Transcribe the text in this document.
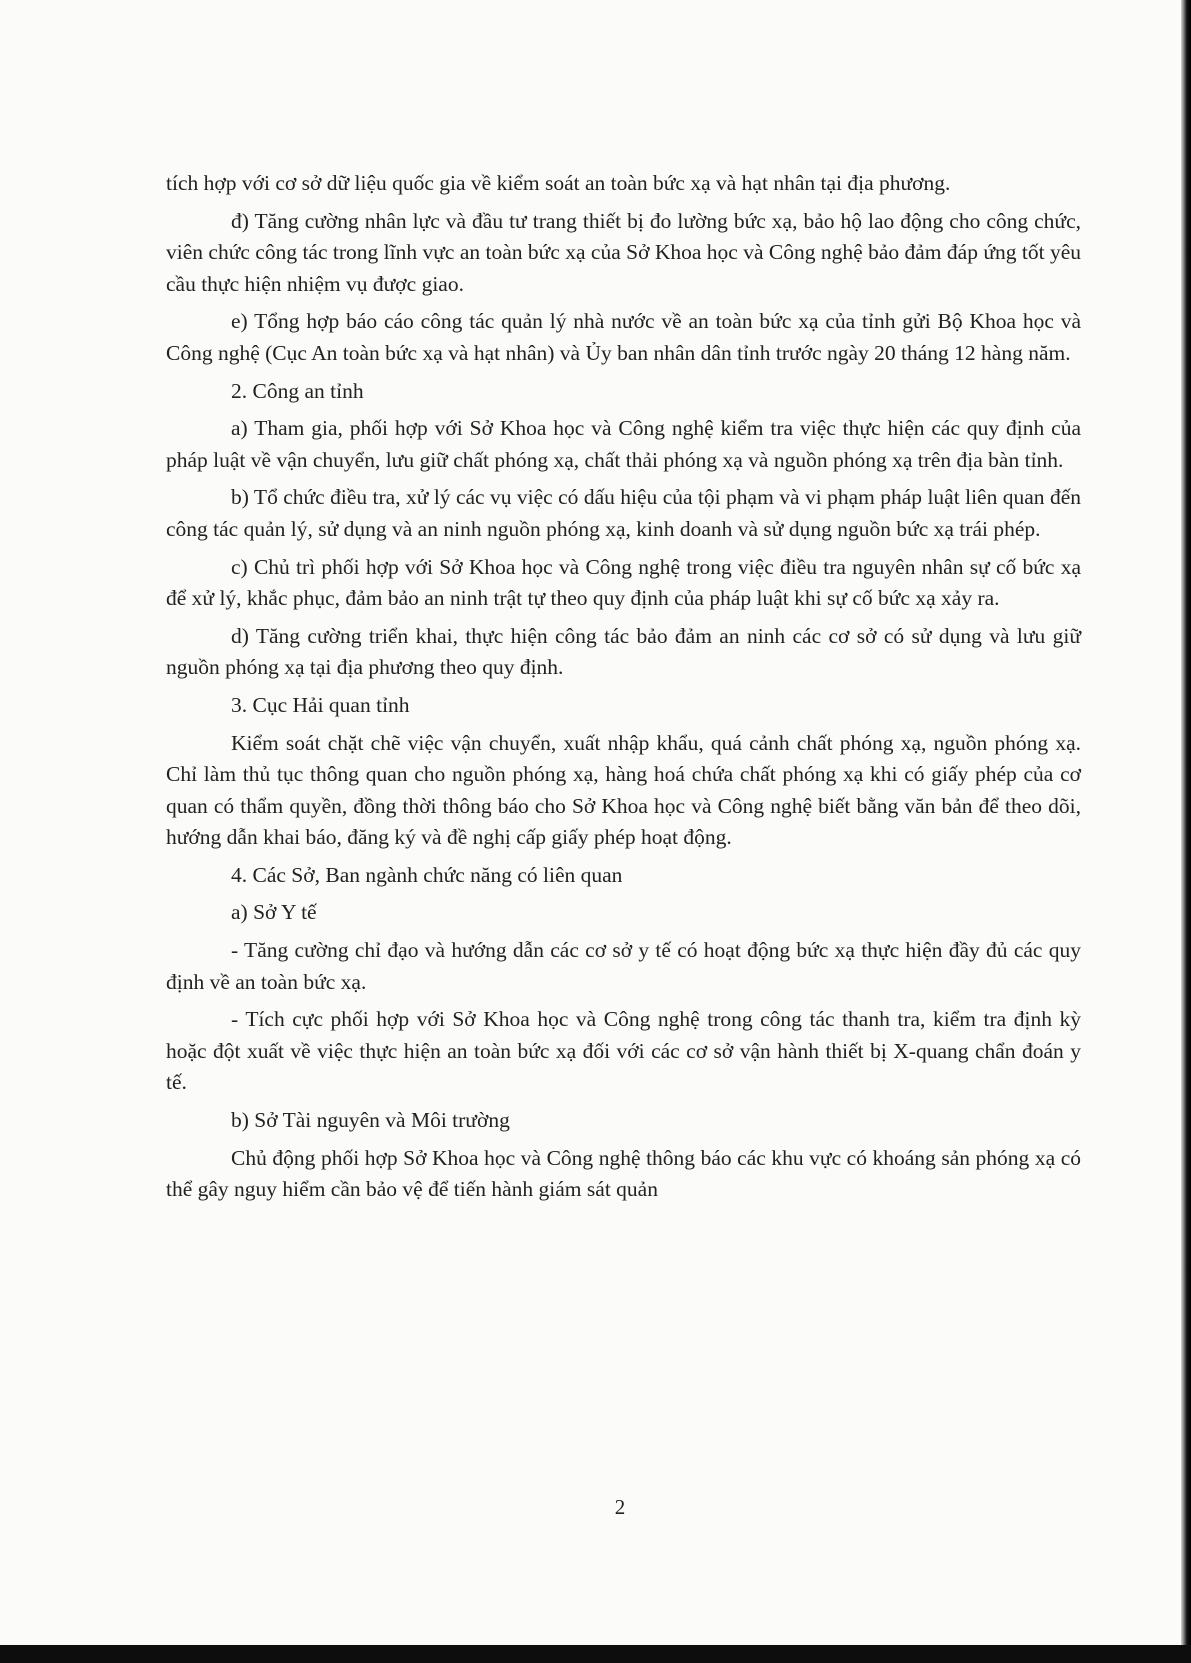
tích hợp với cơ sở dữ liệu quốc gia về kiểm soát an toàn bức xạ và hạt nhân tại địa phương.

đ) Tăng cường nhân lực và đầu tư trang thiết bị đo lường bức xạ, bảo hộ lao động cho công chức, viên chức công tác trong lĩnh vực an toàn bức xạ của Sở Khoa học và Công nghệ bảo đảm đáp ứng tốt yêu cầu thực hiện nhiệm vụ được giao.

e) Tổng hợp báo cáo công tác quản lý nhà nước về an toàn bức xạ của tỉnh gửi Bộ Khoa học và Công nghệ (Cục An toàn bức xạ và hạt nhân) và Ủy ban nhân dân tỉnh trước ngày 20 tháng 12 hàng năm.

2. Công an tỉnh

a) Tham gia, phối hợp với Sở Khoa học và Công nghệ kiểm tra việc thực hiện các quy định của pháp luật về vận chuyển, lưu giữ chất phóng xạ, chất thải phóng xạ và nguồn phóng xạ trên địa bàn tỉnh.

b) Tổ chức điều tra, xử lý các vụ việc có dấu hiệu của tội phạm và vi phạm pháp luật liên quan đến công tác quản lý, sử dụng và an ninh nguồn phóng xạ, kinh doanh và sử dụng nguồn bức xạ trái phép.

c) Chủ trì phối hợp với Sở Khoa học và Công nghệ trong việc điều tra nguyên nhân sự cố bức xạ để xử lý, khắc phục, đảm bảo an ninh trật tự theo quy định của pháp luật khi sự cố bức xạ xảy ra.

d) Tăng cường triển khai, thực hiện công tác bảo đảm an ninh các cơ sở có sử dụng và lưu giữ nguồn phóng xạ tại địa phương theo quy định.

3. Cục Hải quan tỉnh

Kiểm soát chặt chẽ việc vận chuyển, xuất nhập khẩu, quá cảnh chất phóng xạ, nguồn phóng xạ. Chỉ làm thủ tục thông quan cho nguồn phóng xạ, hàng hoá chứa chất phóng xạ khi có giấy phép của cơ quan có thẩm quyền, đồng thời thông báo cho Sở Khoa học và Công nghệ biết bằng văn bản để theo dõi, hướng dẫn khai báo, đăng ký và đề nghị cấp giấy phép hoạt động.

4. Các Sở, Ban ngành chức năng có liên quan

a) Sở Y tế

- Tăng cường chỉ đạo và hướng dẫn các cơ sở y tế có hoạt động bức xạ thực hiện đầy đủ các quy định về an toàn bức xạ.

- Tích cực phối hợp với Sở Khoa học và Công nghệ trong công tác thanh tra, kiểm tra định kỳ hoặc đột xuất về việc thực hiện an toàn bức xạ đối với các cơ sở vận hành thiết bị X-quang chẩn đoán y tế.

b) Sở Tài nguyên và Môi trường

Chủ động phối hợp Sở Khoa học và Công nghệ thông báo các khu vực có khoáng sản phóng xạ có thể gây nguy hiểm cần bảo vệ để tiến hành giám sát quản

2
